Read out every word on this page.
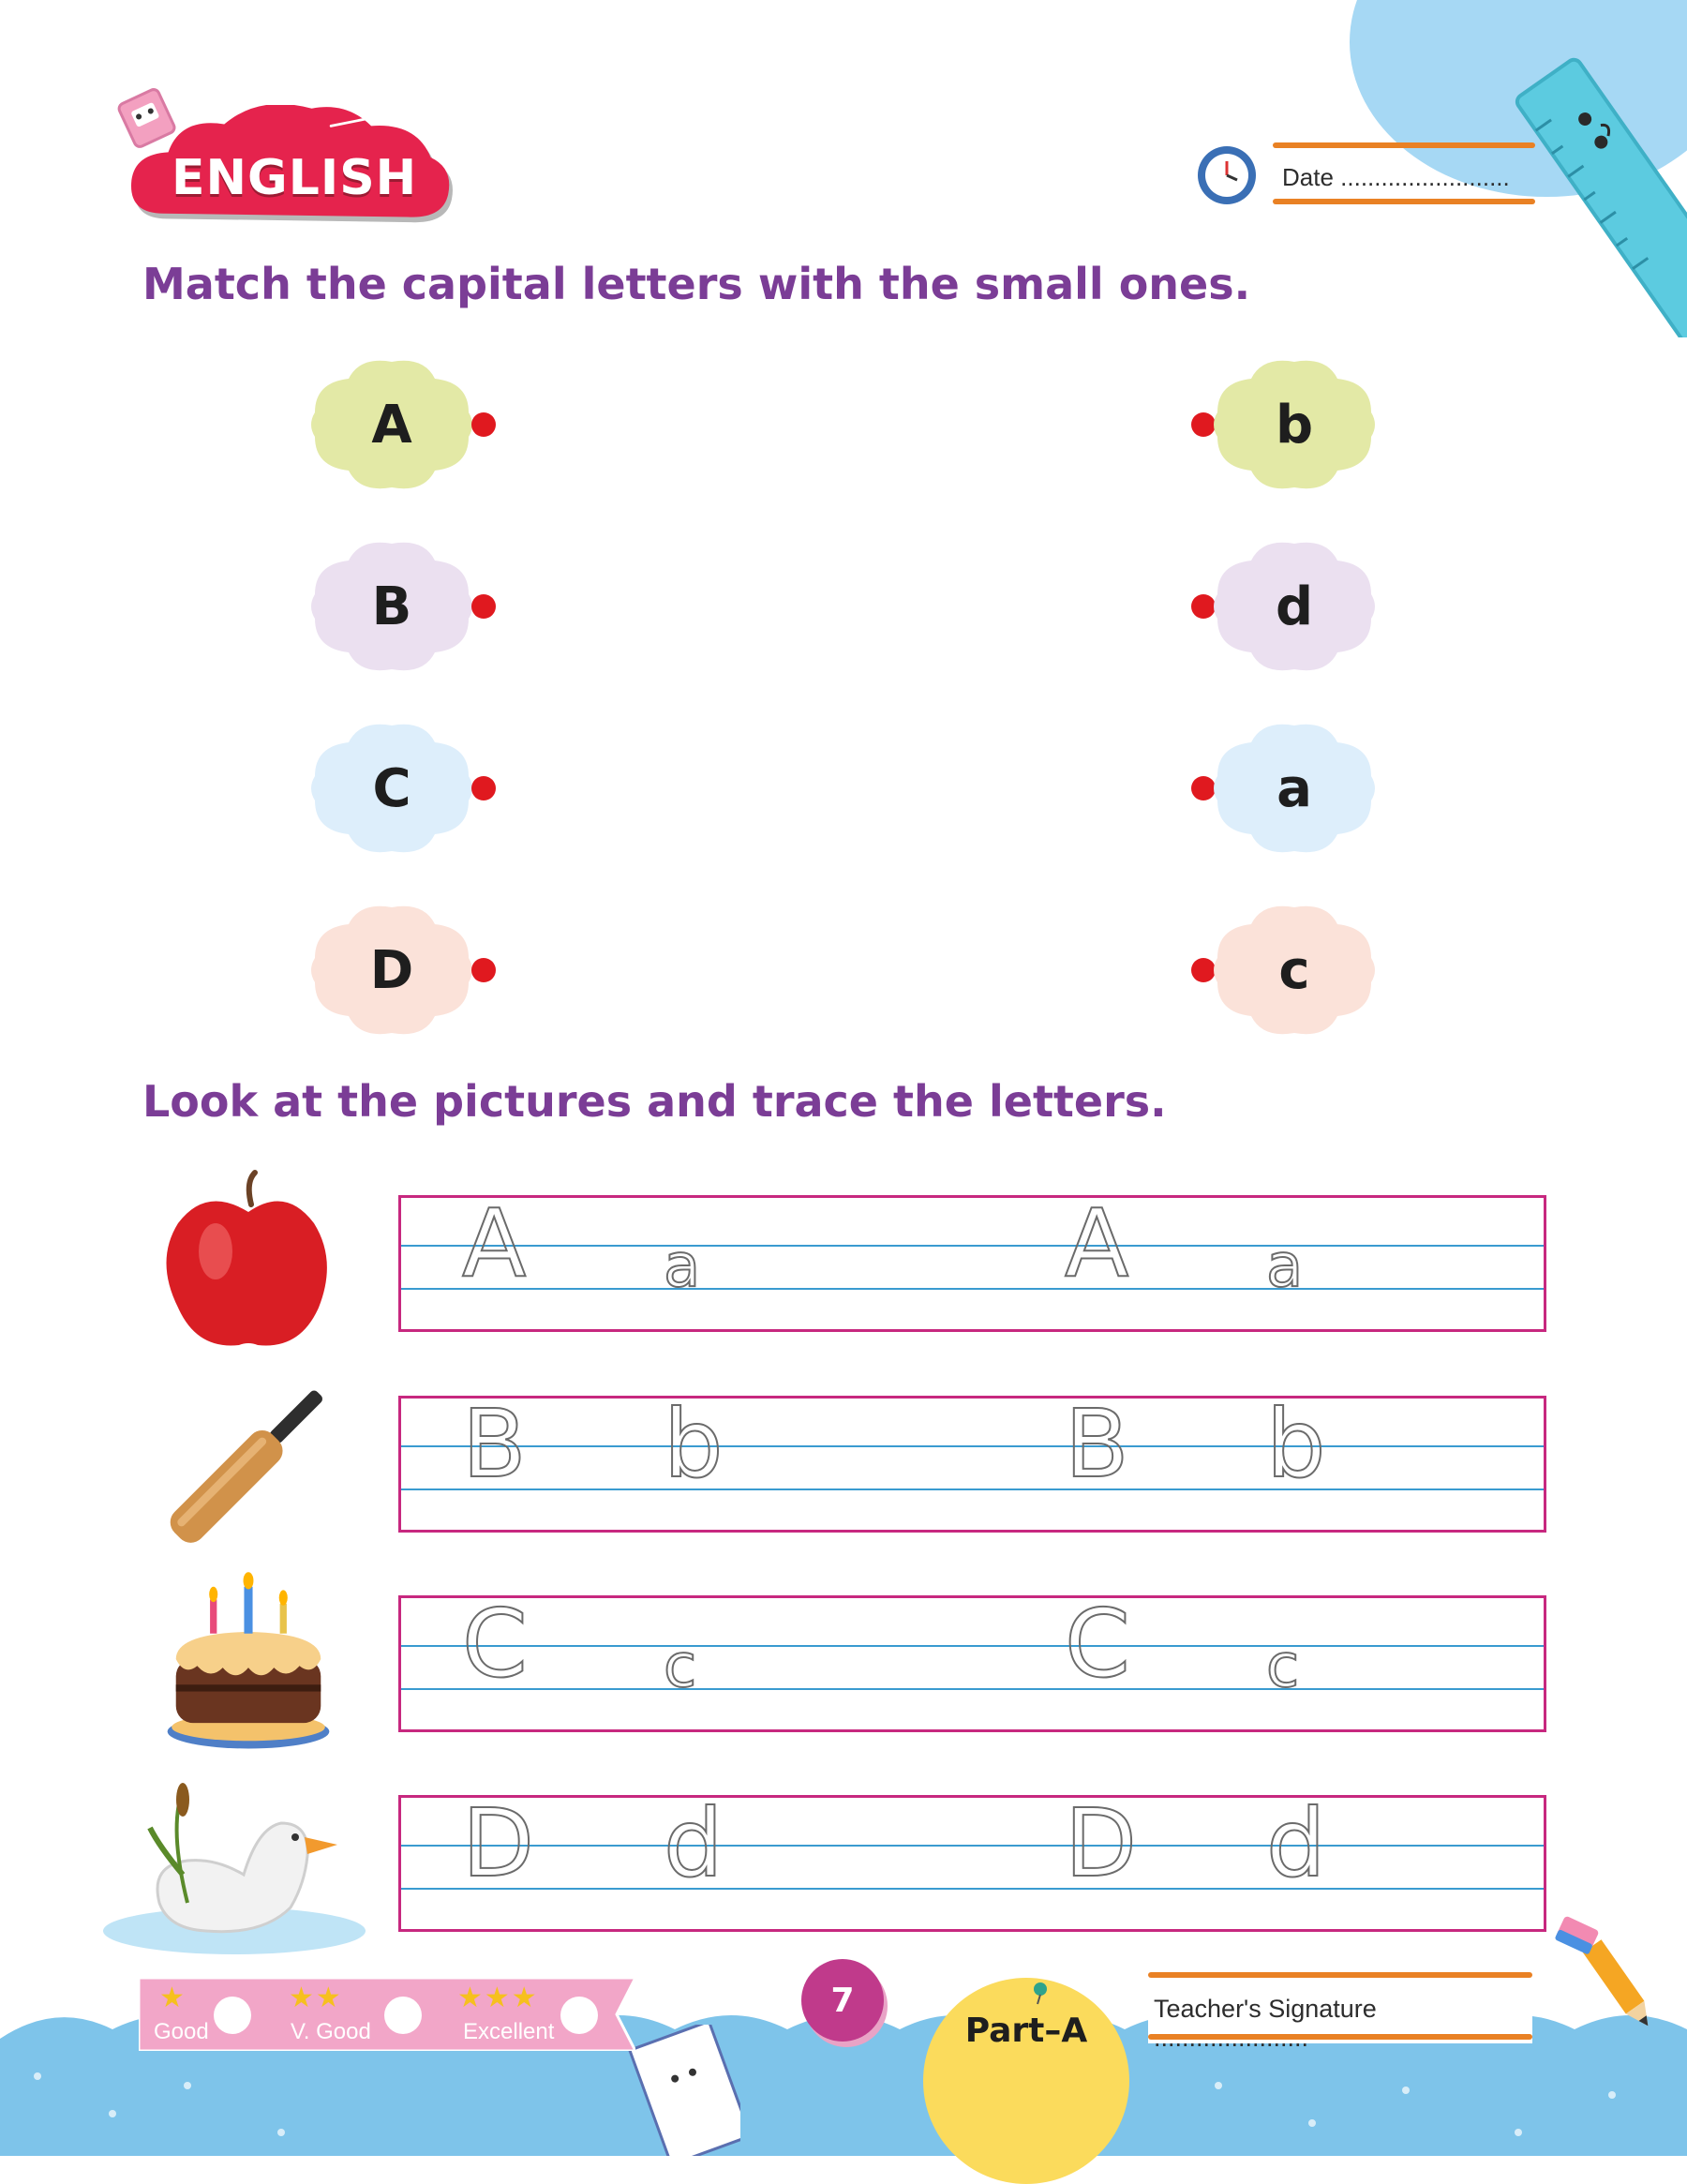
ENGLISH	Date .........................
Match the capital letters with the small ones.
A	b
B	d
C	a
D	c
Look at the pictures and trace the letters.
A a	A a
B b	B b
C c	C c
D d	D d
★
Good
★★
V. Good
★★★
Excellent
7
Part–A
Teacher's Signature
